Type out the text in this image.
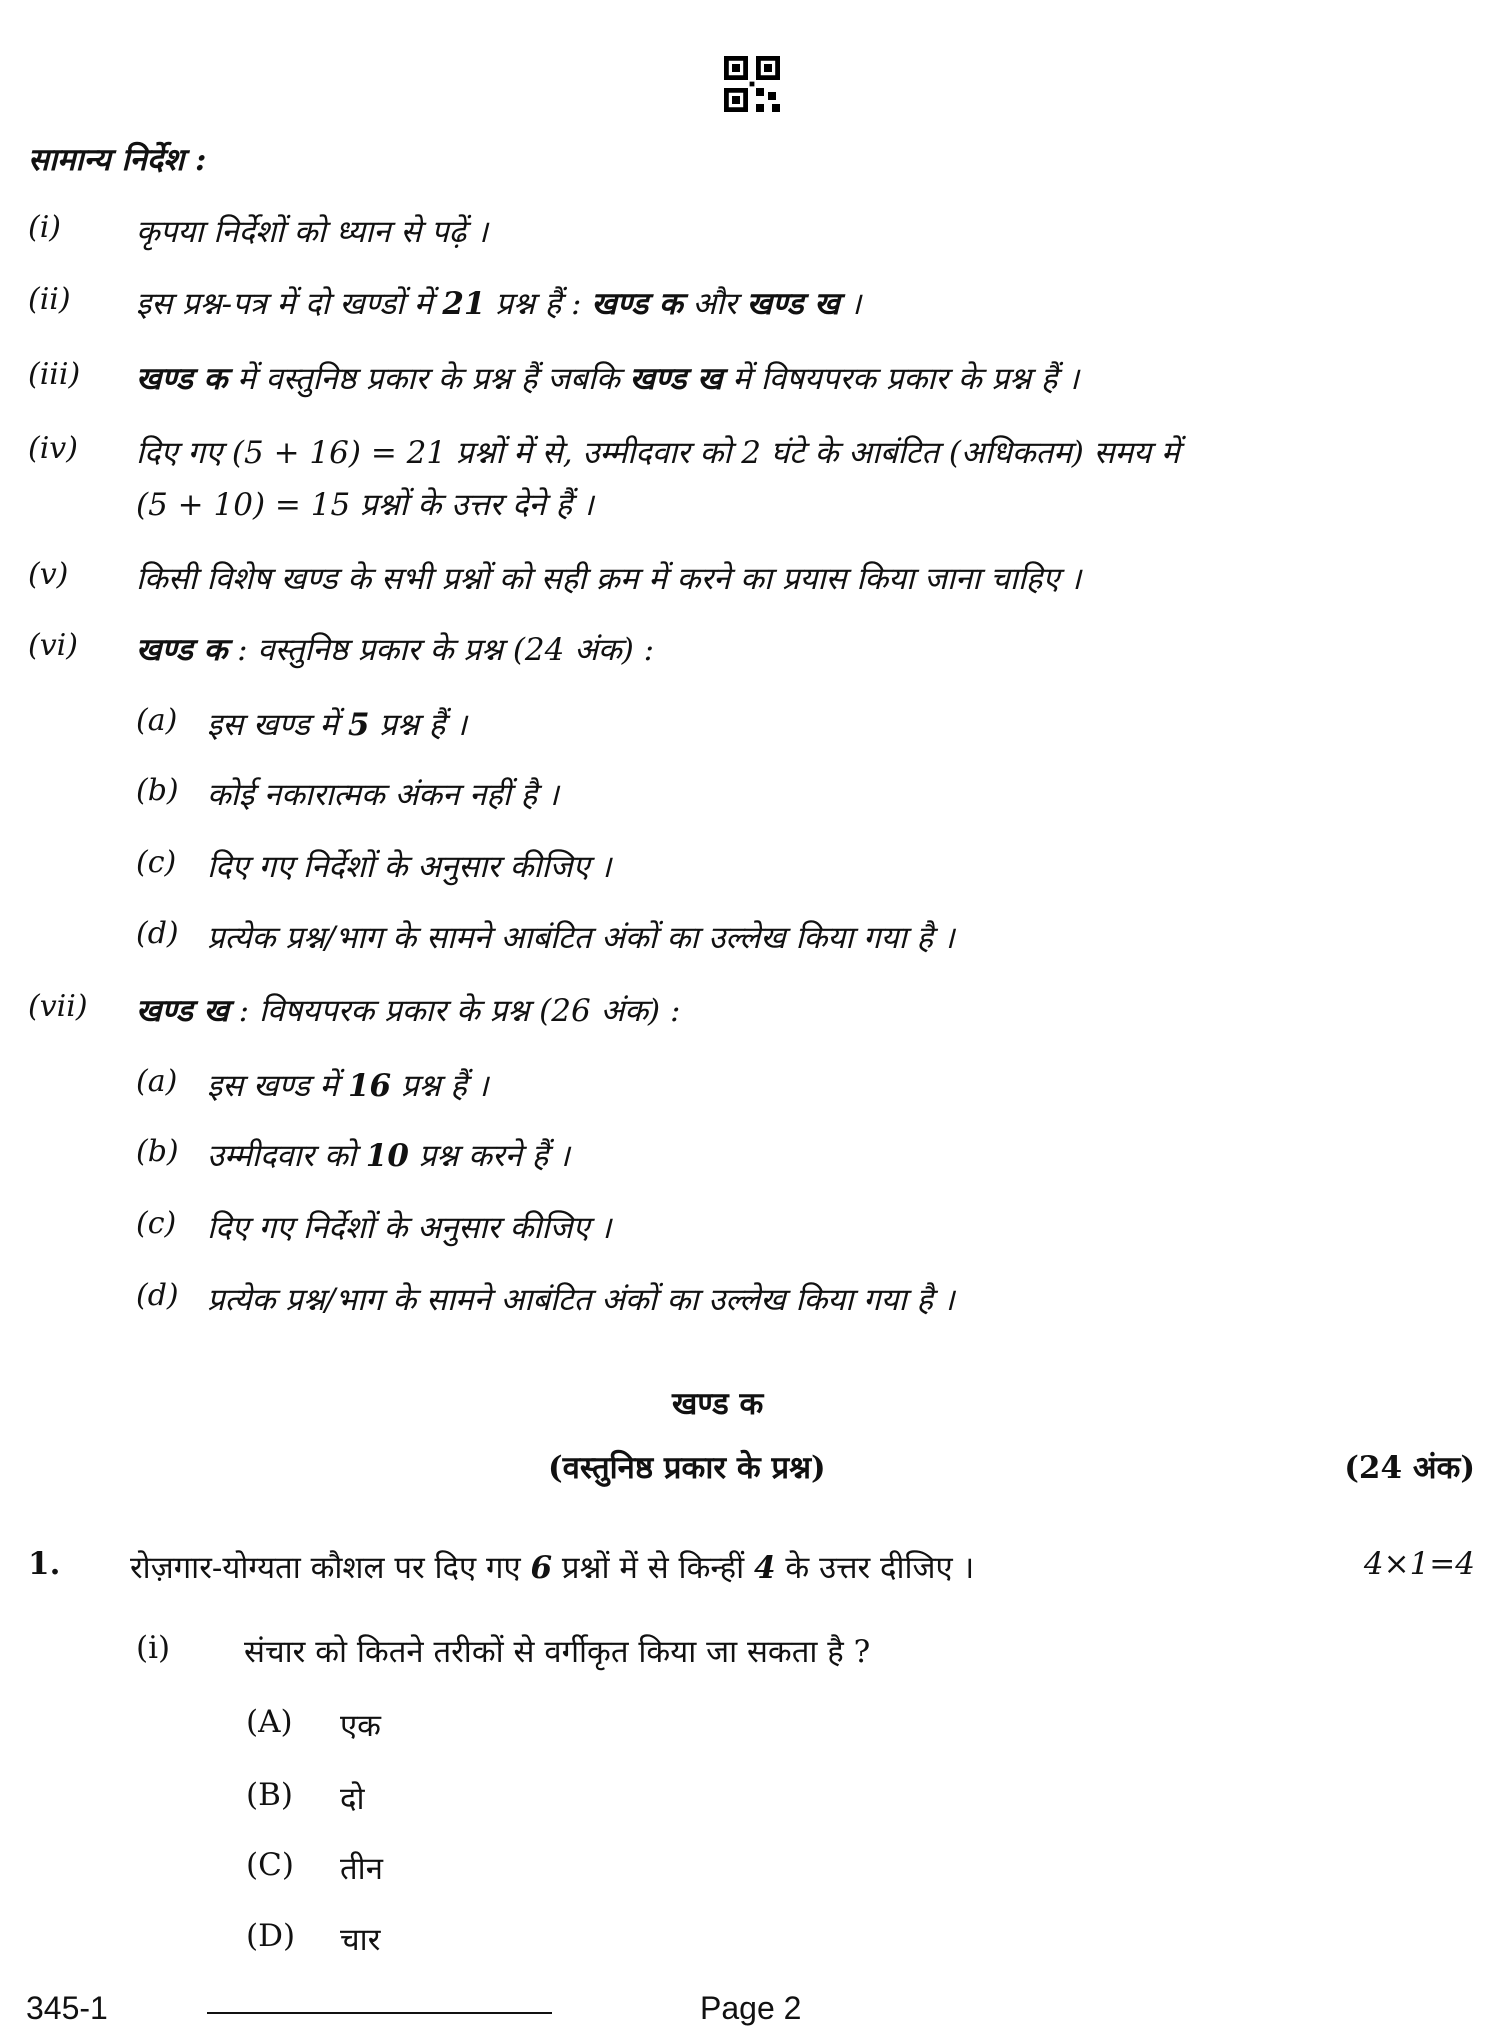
सामान्य निर्देश :
(i) कृपया निर्देशों को ध्यान से पढ़ें ।
(ii) इस प्रश्न-पत्र में दो खण्डों में 21 प्रश्न हैं : खण्ड क और खण्ड ख ।
(iii) खण्ड क में वस्तुनिष्ठ प्रकार के प्रश्न हैं जबकि खण्ड ख में विषयपरक प्रकार के प्रश्न हैं ।
(iv) दिए गए (5 + 16) = 21 प्रश्नों में से, उम्मीदवार को 2 घंटे के आबंटित (अधिकतम) समय में
(5 + 10) = 15 प्रश्नों के उत्तर देने हैं ।
(v) किसी विशेष खण्ड के सभी प्रश्नों को सही क्रम में करने का प्रयास किया जाना चाहिए ।
(vi) खण्ड क : वस्तुनिष्ठ प्रकार के प्रश्न (24 अंक) :
(a) इस खण्ड में 5 प्रश्न हैं ।
(b) कोई नकारात्मक अंकन नहीं है ।
(c) दिए गए निर्देशों के अनुसार कीजिए ।
(d) प्रत्येक प्रश्न/भाग के सामने आबंटित अंकों का उल्लेख किया गया है ।
(vii) खण्ड ख : विषयपरक प्रकार के प्रश्न (26 अंक) :
(a) इस खण्ड में 16 प्रश्न हैं ।
(b) उम्मीदवार को 10 प्रश्न करने हैं ।
(c) दिए गए निर्देशों के अनुसार कीजिए ।
(d) प्रत्येक प्रश्न/भाग के सामने आबंटित अंकों का उल्लेख किया गया है ।
खण्ड क
(वस्तुनिष्ठ प्रकार के प्रश्न)	(24 अंक)
1. रोज़गार-योग्यता कौशल पर दिए गए 6 प्रश्नों में से किन्हीं 4 के उत्तर दीजिए ।	4×1=4
(i) संचार को कितने तरीकों से वर्गीकृत किया जा सकता है ?
(A) एक
(B) दो
(C) तीन
(D) चार
345-1	Page 2
